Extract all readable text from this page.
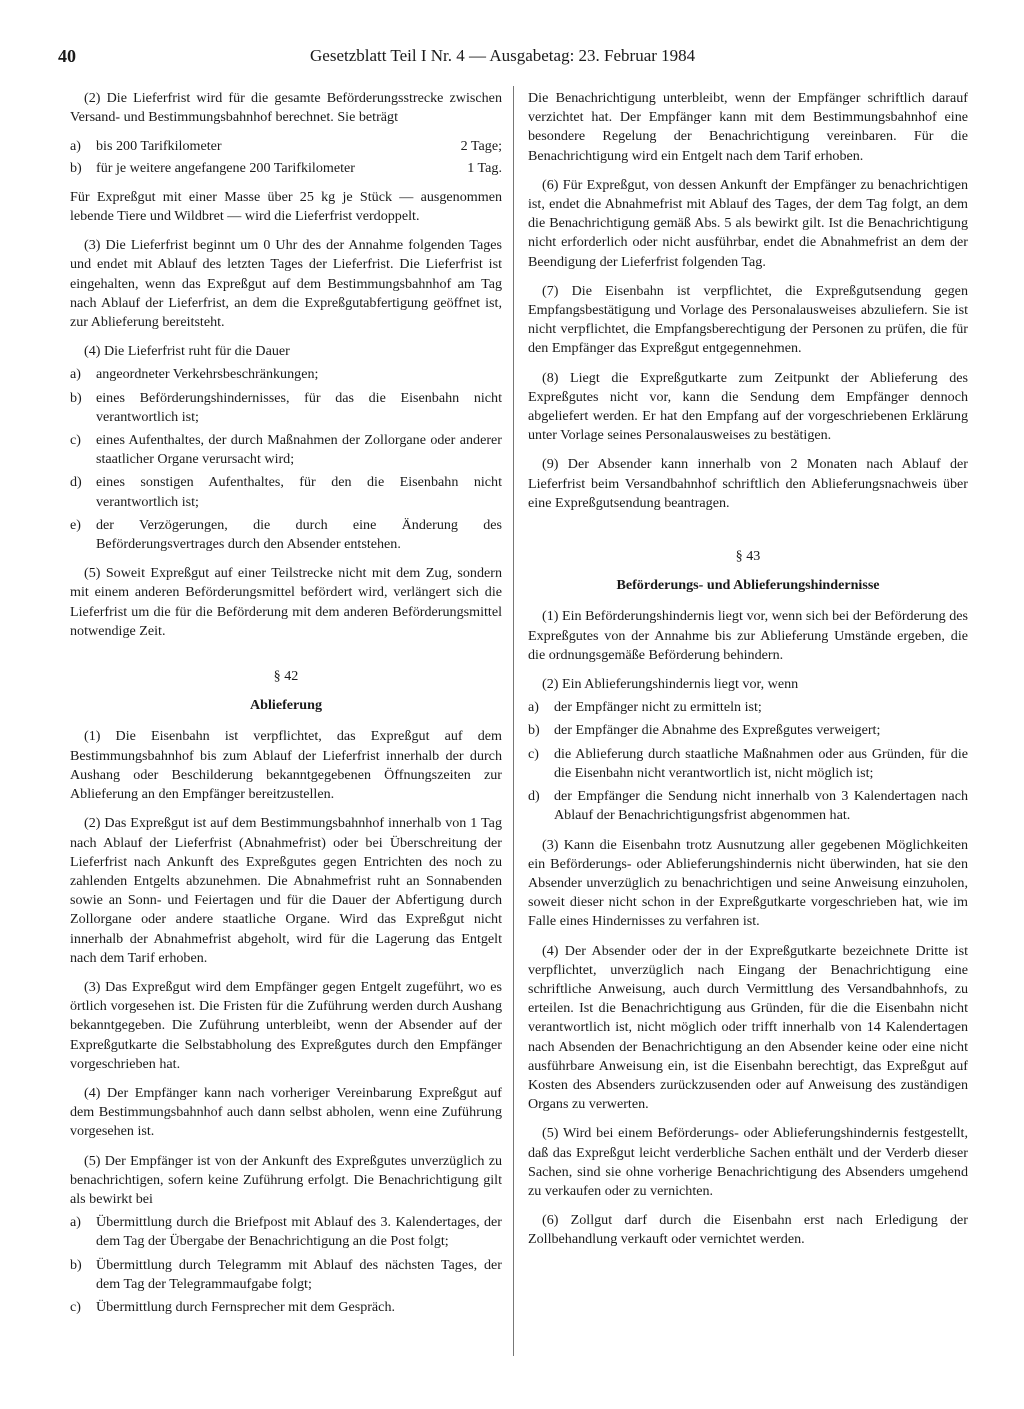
40	Gesetzblatt Teil I Nr. 4 — Ausgabetag: 23. Februar 1984

(2) Die Lieferfrist wird für die gesamte Beförderungsstrecke zwischen Versand- und Bestimmungsbahnhof berechnet. Sie beträgt

a)	bis 200 Tarifkilometer	2 Tage;
b)	für je weitere angefangene 200 Tarifkilometer	1 Tag.

Für Expreßgut mit einer Masse über 25 kg je Stück — ausgenommen lebende Tiere und Wildbret — wird die Lieferfrist verdoppelt.

(3) Die Lieferfrist beginnt um 0 Uhr des der Annahme folgenden Tages und endet mit Ablauf des letzten Tages der Lieferfrist. Die Lieferfrist ist eingehalten, wenn das Expreßgut auf dem Bestimmungsbahnhof am Tag nach Ablauf der Lieferfrist, an dem die Expreßgutabfertigung geöffnet ist, zur Ablieferung bereitsteht.

(4) Die Lieferfrist ruht für die Dauer

a)	angeordneter Verkehrsbeschränkungen;
b)	eines Beförderungshindernisses, für das die Eisenbahn nicht verantwortlich ist;
c)	eines Aufenthaltes, der durch Maßnahmen der Zollorgane oder anderer staatlicher Organe verursacht wird;
d)	eines sonstigen Aufenthaltes, für den die Eisenbahn nicht verantwortlich ist;
e)	der Verzögerungen, die durch eine Änderung des Beförderungsvertrages durch den Absender entstehen.

(5) Soweit Expreßgut auf einer Teilstrecke nicht mit dem Zug, sondern mit einem anderen Beförderungsmittel befördert wird, verlängert sich die Lieferfrist um die für die Beförderung mit dem anderen Beförderungsmittel notwendige Zeit.

§ 42
Ablieferung

(1) Die Eisenbahn ist verpflichtet, das Expreßgut auf dem Bestimmungsbahnhof bis zum Ablauf der Lieferfrist innerhalb der durch Aushang oder Beschilderung bekanntgegebenen Öffnungszeiten zur Ablieferung an den Empfänger bereitzustellen.

(2) Das Expreßgut ist auf dem Bestimmungsbahnhof innerhalb von 1 Tag nach Ablauf der Lieferfrist (Abnahmefrist) oder bei Überschreitung der Lieferfrist nach Ankunft des Expreßgutes gegen Entrichten des noch zu zahlenden Entgelts abzunehmen. Die Abnahmefrist ruht an Sonnabenden sowie an Sonn- und Feiertagen und für die Dauer der Abfertigung durch Zollorgane oder andere staatliche Organe. Wird das Expreßgut nicht innerhalb der Abnahmefrist abgeholt, wird für die Lagerung das Entgelt nach dem Tarif erhoben.

(3) Das Expreßgut wird dem Empfänger gegen Entgelt zugeführt, wo es örtlich vorgesehen ist. Die Fristen für die Zuführung werden durch Aushang bekanntgegeben. Die Zuführung unterbleibt, wenn der Absender auf der Expreßgutkarte die Selbstabholung des Expreßgutes durch den Empfänger vorgeschrieben hat.

(4) Der Empfänger kann nach vorheriger Vereinbarung Expreßgut auf dem Bestimmungsbahnhof auch dann selbst abholen, wenn eine Zuführung vorgesehen ist.

(5) Der Empfänger ist von der Ankunft des Expreßgutes unverzüglich zu benachrichtigen, sofern keine Zuführung erfolgt. Die Benachrichtigung gilt als bewirkt bei

a)	Übermittlung durch die Briefpost mit Ablauf des 3. Kalendertages, der dem Tag der Übergabe der Benachrichtigung an die Post folgt;
b)	Übermittlung durch Telegramm mit Ablauf des nächsten Tages, der dem Tag der Telegrammaufgabe folgt;
c)	Übermittlung durch Fernsprecher mit dem Gespräch.

Die Benachrichtigung unterbleibt, wenn der Empfänger schriftlich darauf verzichtet hat. Der Empfänger kann mit dem Bestimmungsbahnhof eine besondere Regelung der Benachrichtigung vereinbaren. Für die Benachrichtigung wird ein Entgelt nach dem Tarif erhoben.

(6) Für Expreßgut, von dessen Ankunft der Empfänger zu benachrichtigen ist, endet die Abnahmefrist mit Ablauf des Tages, der dem Tag folgt, an dem die Benachrichtigung gemäß Abs. 5 als bewirkt gilt. Ist die Benachrichtigung nicht erforderlich oder nicht ausführbar, endet die Abnahmefrist an dem der Beendigung der Lieferfrist folgenden Tag.

(7) Die Eisenbahn ist verpflichtet, die Expreßgutsendung gegen Empfangsbestätigung und Vorlage des Personalausweises abzuliefern. Sie ist nicht verpflichtet, die Empfangsberechtigung der Personen zu prüfen, die für den Empfänger das Expreßgut entgegennehmen.

(8) Liegt die Expreßgutkarte zum Zeitpunkt der Ablieferung des Expreßgutes nicht vor, kann die Sendung dem Empfänger dennoch abgeliefert werden. Er hat den Empfang auf der vorgeschriebenen Erklärung unter Vorlage seines Personalausweises zu bestätigen.

(9) Der Absender kann innerhalb von 2 Monaten nach Ablauf der Lieferfrist beim Versandbahnhof schriftlich den Ablieferungsnachweis über eine Expreßgutsendung beantragen.

§ 43
Beförderungs- und Ablieferungshindernisse

(1) Ein Beförderungshindernis liegt vor, wenn sich bei der Beförderung des Expreßgutes von der Annahme bis zur Ablieferung Umstände ergeben, die die ordnungsgemäße Beförderung behindern.

(2) Ein Ablieferungshindernis liegt vor, wenn

a)	der Empfänger nicht zu ermitteln ist;
b)	der Empfänger die Abnahme des Expreßgutes verweigert;
c)	die Ablieferung durch staatliche Maßnahmen oder aus Gründen, für die die Eisenbahn nicht verantwortlich ist, nicht möglich ist;
d)	der Empfänger die Sendung nicht innerhalb von 3 Kalendertagen nach Ablauf der Benachrichtigungsfrist abgenommen hat.

(3) Kann die Eisenbahn trotz Ausnutzung aller gegebenen Möglichkeiten ein Beförderungs- oder Ablieferungshindernis nicht überwinden, hat sie den Absender unverzüglich zu benachrichtigen und seine Anweisung einzuholen, soweit dieser nicht schon in der Expreßgutkarte vorgeschrieben hat, wie im Falle eines Hindernisses zu verfahren ist.

(4) Der Absender oder der in der Expreßgutkarte bezeichnete Dritte ist verpflichtet, unverzüglich nach Eingang der Benachrichtigung eine schriftliche Anweisung, auch durch Vermittlung des Versandbahnhofs, zu erteilen. Ist die Benachrichtigung aus Gründen, für die die Eisenbahn nicht verantwortlich ist, nicht möglich oder trifft innerhalb von 14 Kalendertagen nach Absenden der Benachrichtigung an den Absender keine oder eine nicht ausführbare Anweisung ein, ist die Eisenbahn berechtigt, das Expreßgut auf Kosten des Absenders zurückzusenden oder auf Anweisung des zuständigen Organs zu verwerten.

(5) Wird bei einem Beförderungs- oder Ablieferungshindernis festgestellt, daß das Expreßgut leicht verderbliche Sachen enthält und der Verderb dieser Sachen, sind sie ohne vorherige Benachrichtigung des Absenders umgehend zu verkaufen oder zu vernichten.

(6) Zollgut darf durch die Eisenbahn erst nach Erledigung der Zollbehandlung verkauft oder vernichtet werden.
